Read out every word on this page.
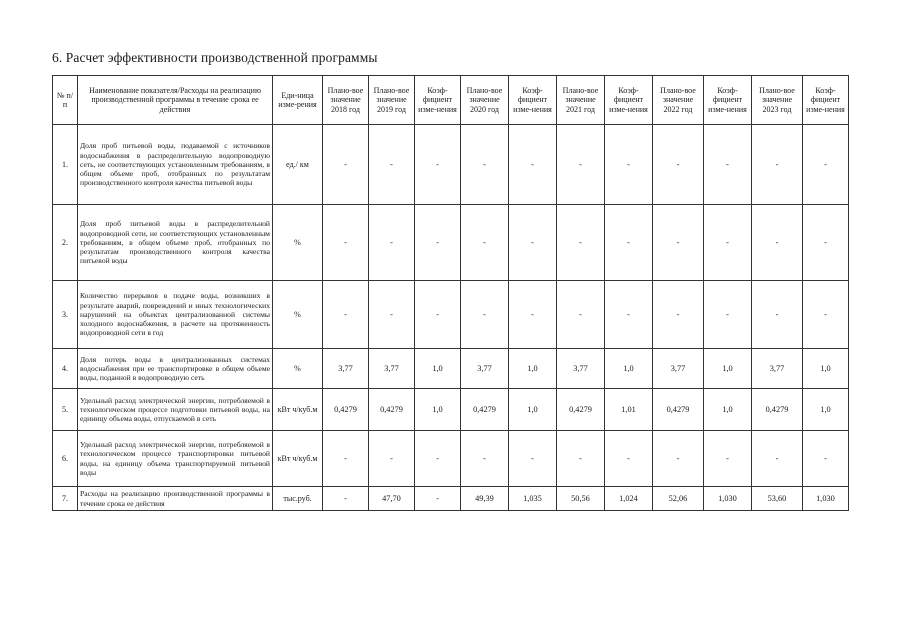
6. Расчет эффективности производственной программы
№ п/п	Наименование показателя/Расходы на реализацию производственной программы в течение срока ее действия	Еди-ница изме-рения	Плано-вое значение 2018 год	Плано-вое значение 2019 год	Коэф-фициент изме-нения	Плано-вое значение 2020 год	Коэф-фициент изме-нения	Плано-вое значение 2021 год	Коэф-фициент изме-нения	Плано-вое значение 2022 год	Коэф-фициент изме-нения	Плано-вое значение 2023 год	Коэф-фициент изме-нения
1.	Доля проб питьевой воды, подаваемой с источников водоснабжения в распределительную водопроводную сеть, не соответствующих установленным требованиям, в общем объеме проб, отобранных по результатам производственного контроля качества питьевой воды	ед./ км	-	-	-	-	-	-	-	-	-	-	-
2.	Доля проб питьевой воды в распределительной водопроводной сети, не соответствующих установленным требованиям, в общем объеме проб, отобранных по результатам производственного контроля качества питьевой воды	%	-	-	-	-	-	-	-	-	-	-	-
3.	Количество перерывов в подаче воды, возникших в результате аварий, повреждений и иных технологических нарушений на объектах централизованной системы холодного водоснабжения, в расчете на протяженность водопроводной сети в год	%	-	-	-	-	-	-	-	-	-	-	-
4.	Доля потерь воды в централизованных системах водоснабжения при ее транспортировке в общем объеме воды, поданной в водопроводную сеть	%	3,77	3,77	1,0	3,77	1,0	3,77	1,0	3,77	1,0	3,77	1,0
5.	Удельный расход электрической энергии, потребляемой в технологическом процессе подготовки питьевой воды, на единицу объема воды, отпускаемой в сеть	кВт ч/куб.м	0,4279	0,4279	1,0	0,4279	1,0	0,4279	1,01	0,4279	1,0	0,4279	1,0
6.	Удельный расход электрической энергии, потребляемой в технологическом процессе транспортировки питьевой воды, на единицу объема транспортируемой питьевой воды	кВт ч/куб.м	-	-	-	-	-	-	-	-	-	-	-
7.	Расходы на реализацию производственной программы в течение срока ее действия	тыс.руб.	-	47,70	-	49,39	1,035	50,56	1,024	52,06	1,030	53,60	1,030
